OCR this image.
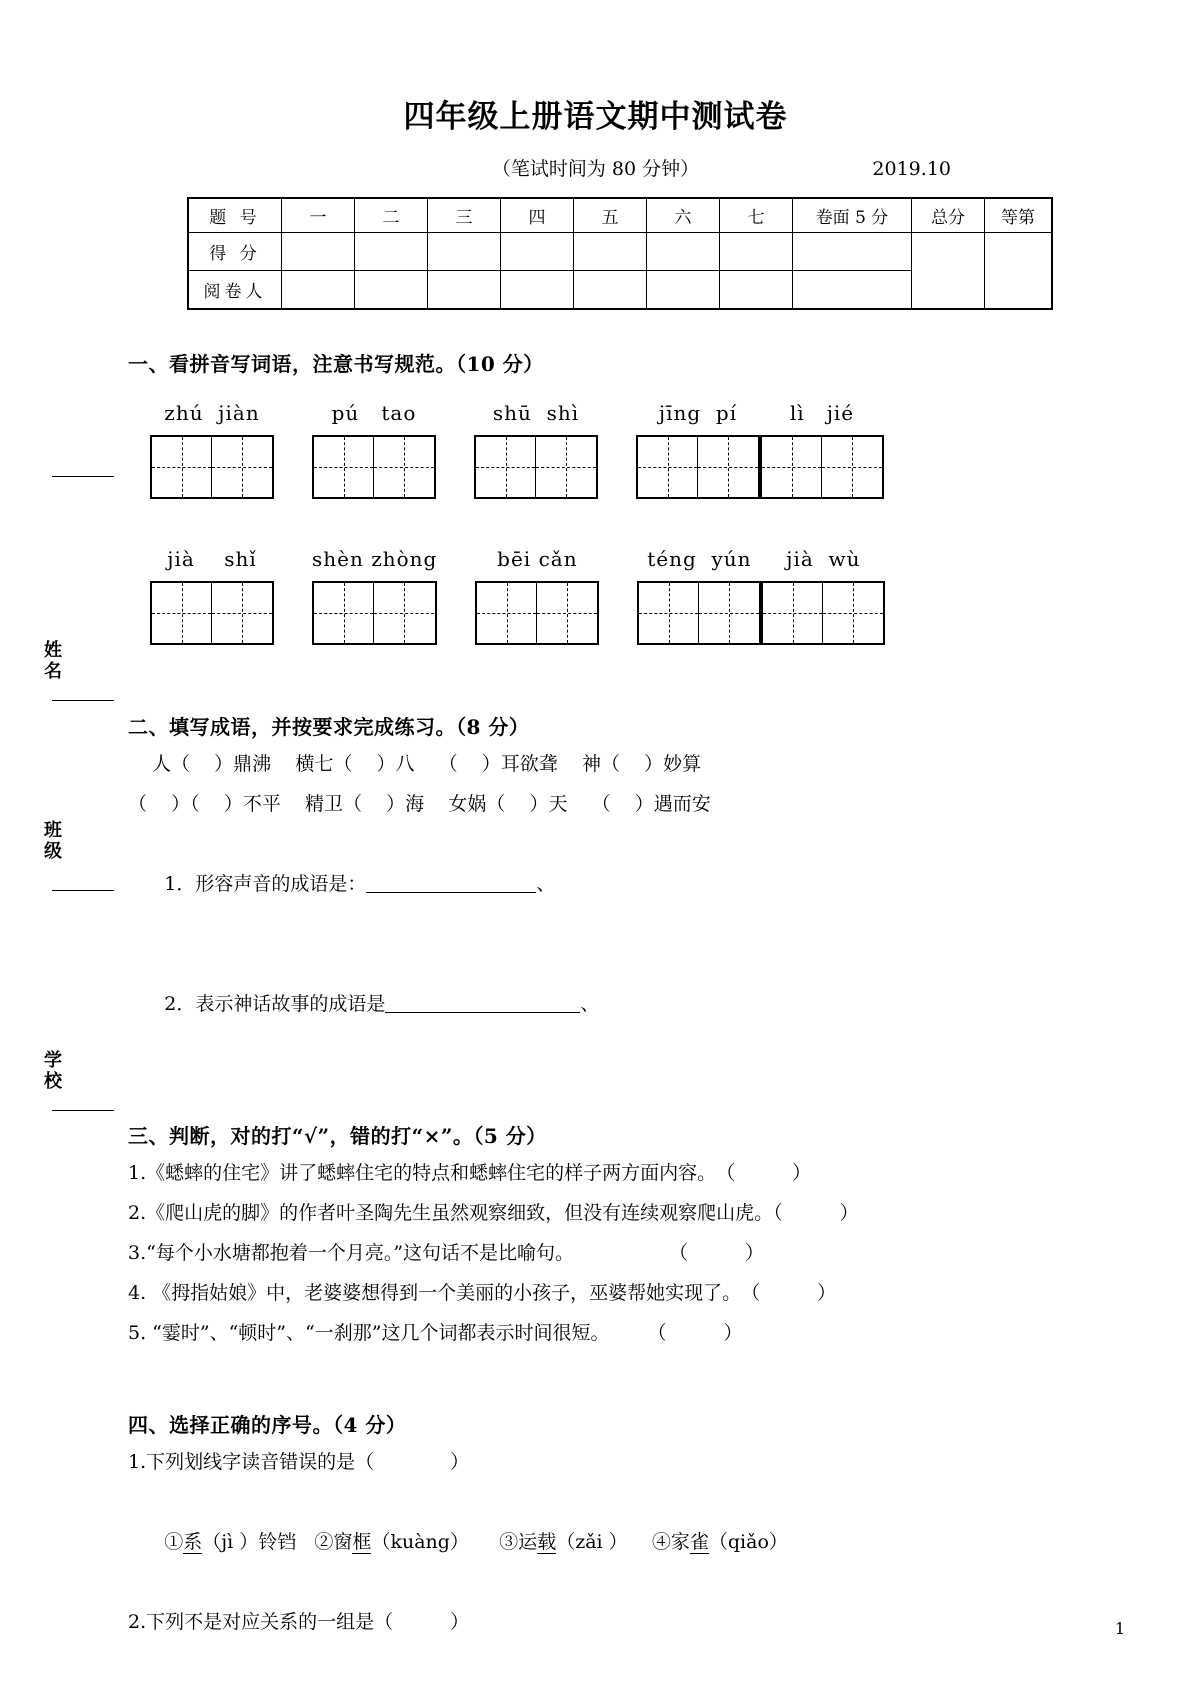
四年级上册语文期中测试卷
（笔试时间为 80 分钟）	2019.10
题 号	一	二	三	四	五	六	七	卷面 5 分	总分	等第
得 分										
阅卷人										
姓名
班级
学校
一、看拼音写词语，注意书写规范。（10 分）
zhú  jiàn	pú   tao	shū  shì	jīng  pí	lì   jié
jià    shǐ	shèn zhòng	bēi cǎn	téng  yún	jià  wù
二、填写成语，并按要求完成练习。（8 分）
人（    ）鼎沸    横七（    ）八    （    ）耳欲聋    神（    ）妙算
（    ）（    ）不平    精卫（    ）海    女娲（    ）天    （    ）遇而安

1．形容声音的成语是：	、

2．表示神话故事的成语是	、

三、判断，对的打“√”，错的打“×”。（5 分）
1.《蟋蟀的住宅》讲了蟋蟀住宅的特点和蟋蟀住宅的样子两方面内容。　（　　　）
2.《爬山虎的脚》的作者叶圣陶先生虽然观察细致，但没有连续观察爬山虎。（　　　）
3.“每个小水塘都抱着一个月亮。”这句话不是比喻句。　　　　　　（　　　）
4. 《拇指姑娘》中，老婆婆想得到一个美丽的小孩子，巫婆帮她实现了。　（　　　）
5. “霎时”、“顿时”、“一刹那”这几个词都表示时间很短。　　　（　　　）
四、选择正确的序号。（4 分）
1.下列划线字读音错误的是（　　　　）

①系（jì ）铃铛 ②窗框（kuàng） ③运载（zǎi ） ④家雀（qiǎo）

2.下列不是对应关系的一组是（　　　）	1
